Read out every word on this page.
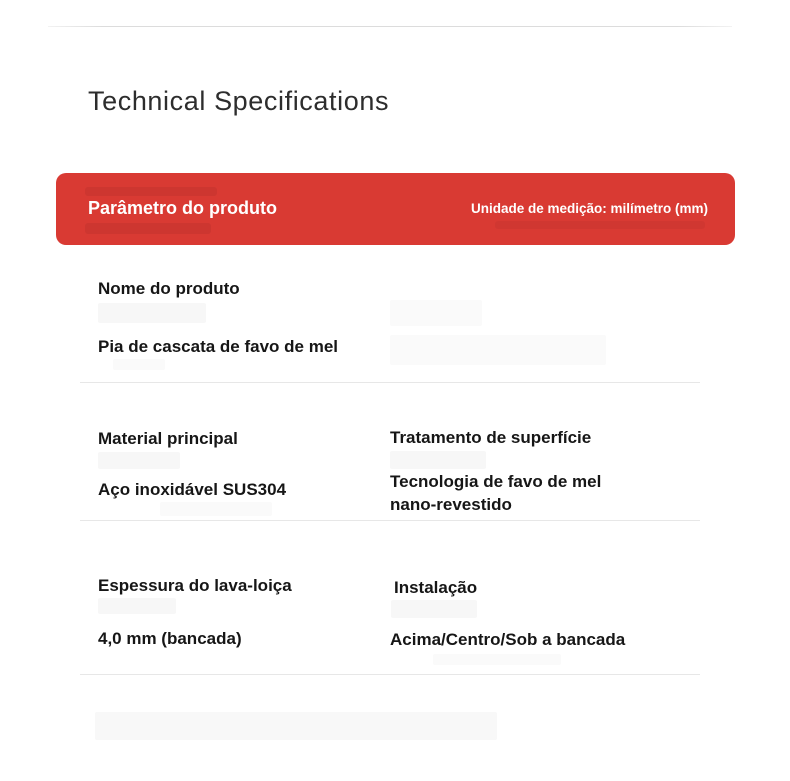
Technical Specifications
Parâmetro do produto	Unidade de medição: milímetro (mm)
Nome do produto
Pia de cascata de favo de mel
Material principal
Aço inoxidável SUS304
Tratamento de superfície
Tecnologia de favo de mel nano-revestido
Espessura do lava-loiça
4,0 mm (bancada)
Instalação
Acima/Centro/Sob a bancada
